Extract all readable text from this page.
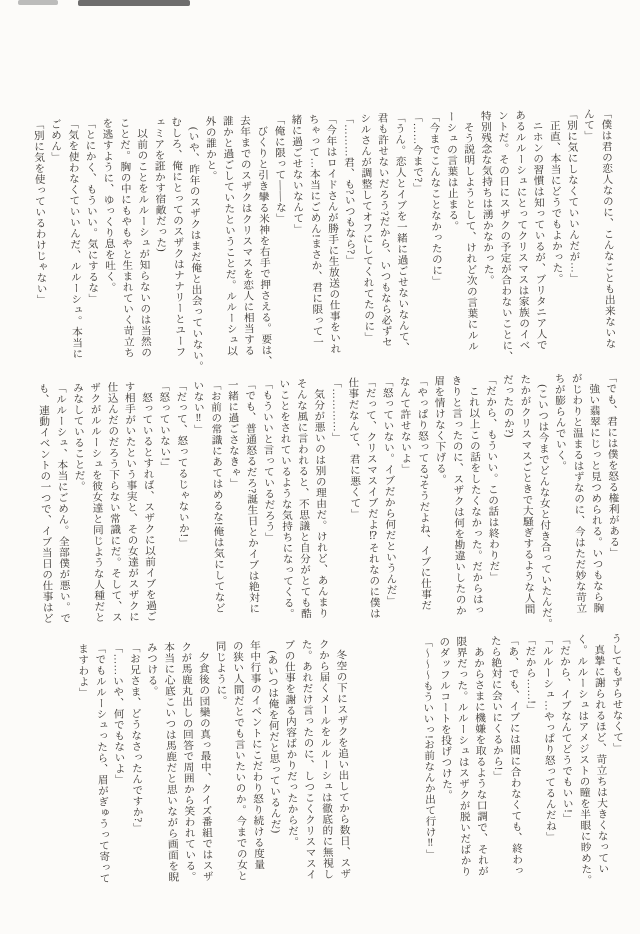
「僕は君の恋人なのに、こんなことも出来ないな

んて」

「別に気にしなくていいんだが…」

　正直、本当にどうでもよかった。

　ニホンの習慣は知っているが、ブリタニア人で

あるルルーシュにとってクリスマスは家族のイベ

ントだ。その日にスザクの予定が合わないことに、

特別残念な気持ちは湧かなかった。

　そう説明しようとして、けれど次の言葉にルル

ーシュの言葉は止まる。

「今までこんなことなかったのに」

「……今まで?」

「うん。恋人とイブを一緒に過ごせないなんて、

君も許せないだろう?だから、いつもなら必ずセ

シルさんが調整してオフにしてくれてたのに」

「………君、も?いつもなら?」

「今年はロイドさんが勝手に生放送の仕事をいれ

ちゃって…本当にごめん!まさか、君に限って一

緒に過ごせないなんて」

「俺に限って——な」

　びくりと引き攣る米神を右手で押さえる。要は、

去年までのスザクはクリスマスを恋人に相当する

誰かと過ごしていたということだ。ルルーシュ以

外の誰かと。

　(いや、昨年のスザクはまだ俺と出会っていない。

むしろ、俺にとってのスザクはナナリーとユーフ

ェミアを誑かす宿敵だった)

　以前のことをルルーシュが知らないのは当然の

ことだ。胸の中にもやもやと生まれていく苛立ち

を逃すように、ゆっくり息を吐く。

「とにかく、もういい。気にするな」

「気を使わなくていいんだ、ルルーシュ。本当に

ごめん」

「別に気を使っているわけじゃない」

「でも、君には僕を怒る権利がある」

　強い翡翠にじっと見つめられる。いつもなら胸

がじわりと温まるはずなのに、今はただ妙な苛立

ちが膨らんでいく。

　(こいつは今までどんな女と付き合っていたんだ。

たかがクリスマスごときで大騒ぎするような人間

だったのか?)

「だから、もういい。この話は終わりだ」

　これ以上この話をしたくなかった。だからはっ

きりと言ったのに、スザクは何を勘違いしたのか

眉を情けなく下げる。

「やっぱり怒ってる?そうだよね、イブに仕事だ

なんて許せないよ」

「怒っていない。イブだから何だというんだ」

「だって、クリスマスイブだよ⁉それなのに僕は

仕事だなんて、君に悪くて」

「…………」

　気分が悪いのは別の理由だ。けれど、あんまり

そんな風に言われると、不思議と自分がとても酷

いことをされているような気持ちになってくる。

「もういいと言っているだろう」

「でも、普通怒るだろ?誕生日とかイブは絶対に

一緒に過ごさなきゃ」

「お前の常識にあてはめるな!俺は気にしてなど

いない‼」

「だって、怒ってるじゃないか!」

「怒っていない!」

　怒っているとすれば、スザクに以前イブを過ご

す相手がいたという事実と、その女達がスザクに

仕込んだのだろう下らない常識にだ。そして、ス

ザクがルルーシュを彼女達と同じような人種だと

みなしていることだ。

「ルルーシュ、本当にごめん。全部僕が悪い。で

も、連動イベントの一つで、イブ当日の仕事はど

うしてもずらせなくて」

　真摯に謝られるほど、苛立ちは大きくなってい

く。ルルーシュはアメジストの瞳を半眼に眇めた。

「だから、イブなんてどうでもいい!」

「ルルーシュ…やっぱり怒ってるんだね」

「だから……!」

「あ、でも、イブには間に合わなくても、終わっ

たら絶対に会いにくるから!」

　あからさまに機嫌を取るような口調で、それが

限界だった。ルルーシュはスザクが脱いだばかり

のダッフルコートを投げつけた。

「〜〜〜もういいっ!お前なんか出て行け‼」

　冬空の下にスザクを追い出してから数日、スザ

クから届くメールをルルーシュは徹底的に無視し

た。あれだけ言ったのに、しつこくクリスマスイ

ブの仕事を謝る内容ばかりだったからだ。

　(あいつは俺を何だと思っているんだ)

年中行事のイベントにこだわり怒り続ける度量

の狭い人間だとでも言いたいのか。今までの女と

同じように。

　夕食後の団欒の真っ最中、クイズ番組ではスザ

クが馬鹿丸出しの回答で周囲から笑われている。

本当に心底こいつは馬鹿だと思いながら画面を睨

みつける。

「お兄さま、どうなさったんですか?」

「……いや、何でもないよ」

「でもルルーシュったら、眉がぎゅうって寄って

ますわよ」
